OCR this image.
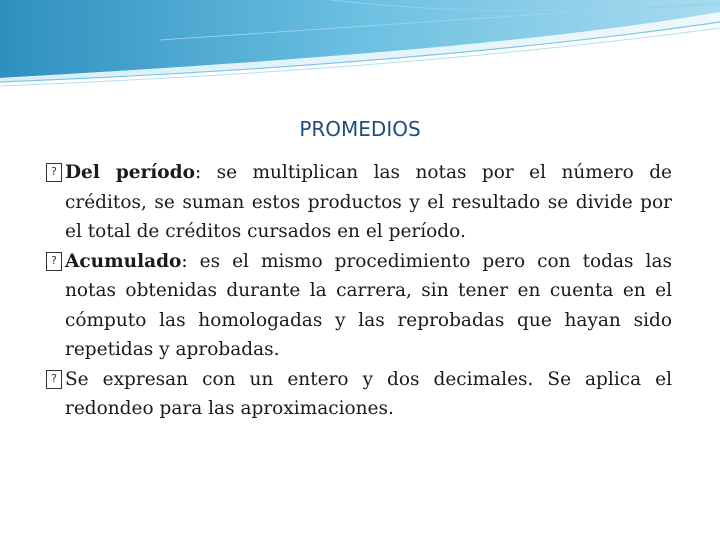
PROMEDIOS

? Del período: se multiplican las notas por el número de créditos, se suman estos productos y el resultado se divide por el total de créditos cursados en el período.

? Acumulado: es el mismo procedimiento pero con todas las notas obtenidas durante la carrera, sin tener en cuenta en el cómputo las homologadas y las reprobadas que hayan sido repetidas y aprobadas.

? Se expresan con un entero y dos decimales. Se aplica el redondeo para las aproximaciones.
